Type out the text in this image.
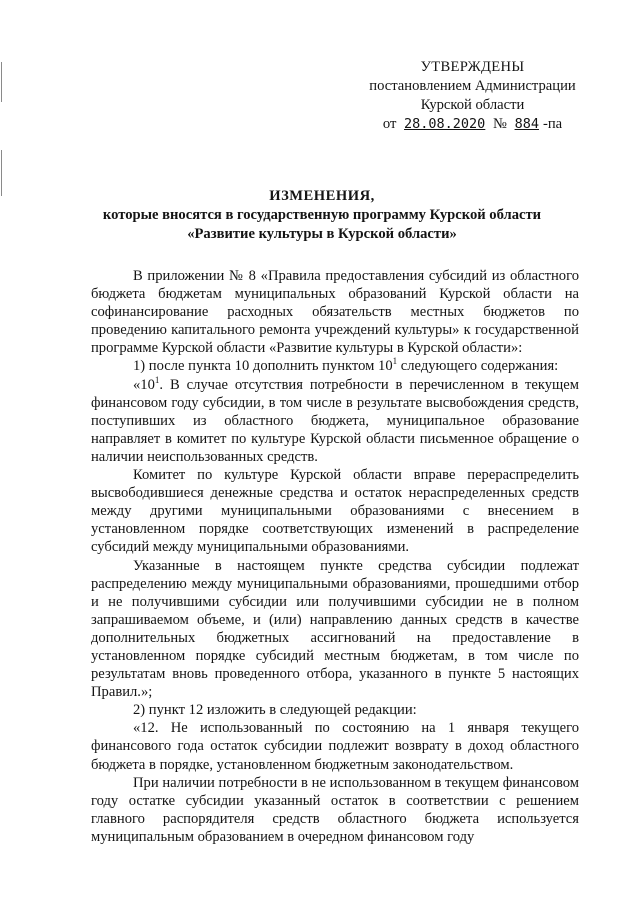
УТВЕРЖДЕНЫ
постановлением Администрации
Курской области
от 28.08.2020 № 884 -па
ИЗМЕНЕНИЯ,
которые вносятся в государственную программу Курской области
«Развитие культуры в Курской области»

В приложении № 8 «Правила предоставления субсидий из областного бюджета бюджетам муниципальных образований Курской области на софинансирование расходных обязательств местных бюджетов по проведению капитального ремонта учреждений культуры» к государственной программе Курской области «Развитие культуры в Курской области»:

1) после пункта 10 дополнить пунктом $10^1$ следующего содержания:

«$10^1$. В случае отсутствия потребности в перечисленном в текущем финансовом году субсидии, в том числе в результате высвобождения средств, поступивших из областного бюджета, муниципальное образование направляет в комитет по культуре Курской области письменное обращение о наличии неиспользованных средств.

Комитет по культуре Курской области вправе перераспределить высвободившиеся денежные средства и остаток нераспределенных средств между другими муниципальными образованиями с внесением в установленном порядке соответствующих изменений в распределение субсидий между муниципальными образованиями.

Указанные в настоящем пункте средства субсидии подлежат распределению между муниципальными образованиями, прошедшими отбор и не получившими субсидии или получившими субсидии не в полном запрашиваемом объеме, и (или) направлению данных средств в качестве дополнительных бюджетных ассигнований на предоставление в установленном порядке субсидий местным бюджетам, в том числе по результатам вновь проведенного отбора, указанного в пункте 5 настоящих Правил.»;

2) пункт 12 изложить в следующей редакции:

«12. Не использованный по состоянию на 1 января текущего финансового года остаток субсидии подлежит возврату в доход областного бюджета в порядке, установленном бюджетным законодательством.

При наличии потребности в не использованном в текущем финансовом году остатке субсидии указанный остаток в соответствии с решением главного распорядителя средств областного бюджета используется муниципальным образованием в очередном финансовом году
